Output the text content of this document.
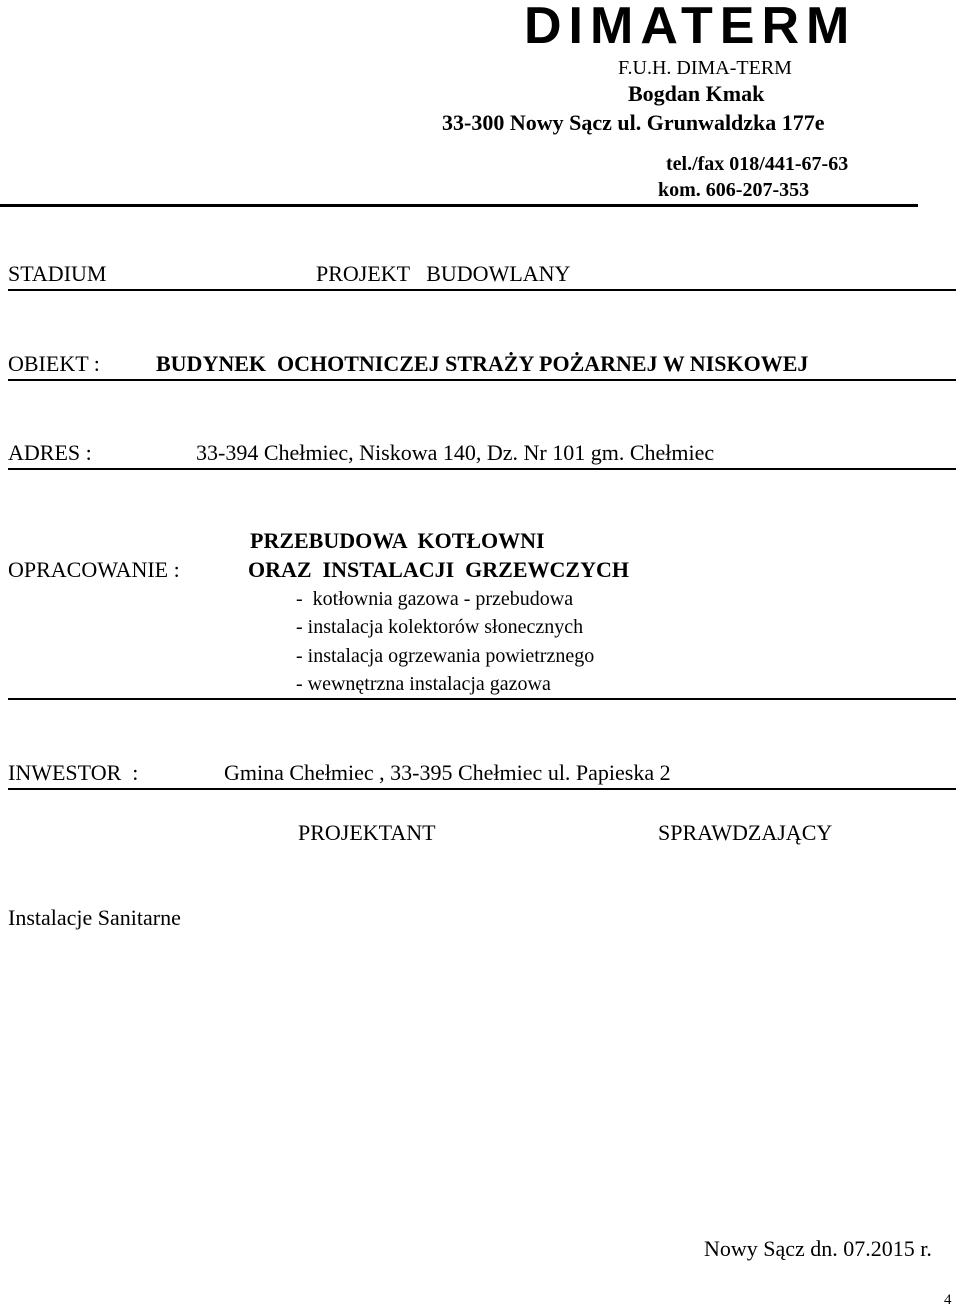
DIMATERM
F.U.H. DIMA-TERM
Bogdan Kmak
33-300 Nowy Sącz ul. Grunwaldzka 177e
tel./fax 018/441-67-63
kom. 606-207-353
STADIUM	PROJEKT   BUDOWLANY
OBIEKT :	BUDYNEK  OCHOTNICZEJ STRAŻY POŻARNEJ W NISKOWEJ
ADRES :	33-394 Chełmiec, Niskowa 140, Dz. Nr 101 gm. Chełmiec
PRZEBUDOWA  KOTŁOWNI
OPRACOWANIE :	ORAZ  INSTALACJI  GRZEWCZYCH
-  kotłownia gazowa - przebudowa
- instalacja kolektorów słonecznych
- instalacja ogrzewania powietrznego
- wewnętrzna instalacja gazowa
INWESTOR  :	Gmina Chełmiec , 33-395 Chełmiec ul. Papieska 2
PROJEKTANT	SPRAWDZAJĄCY
Instalacje Sanitarne
Nowy Sącz dn. 07.2015 r.
4
